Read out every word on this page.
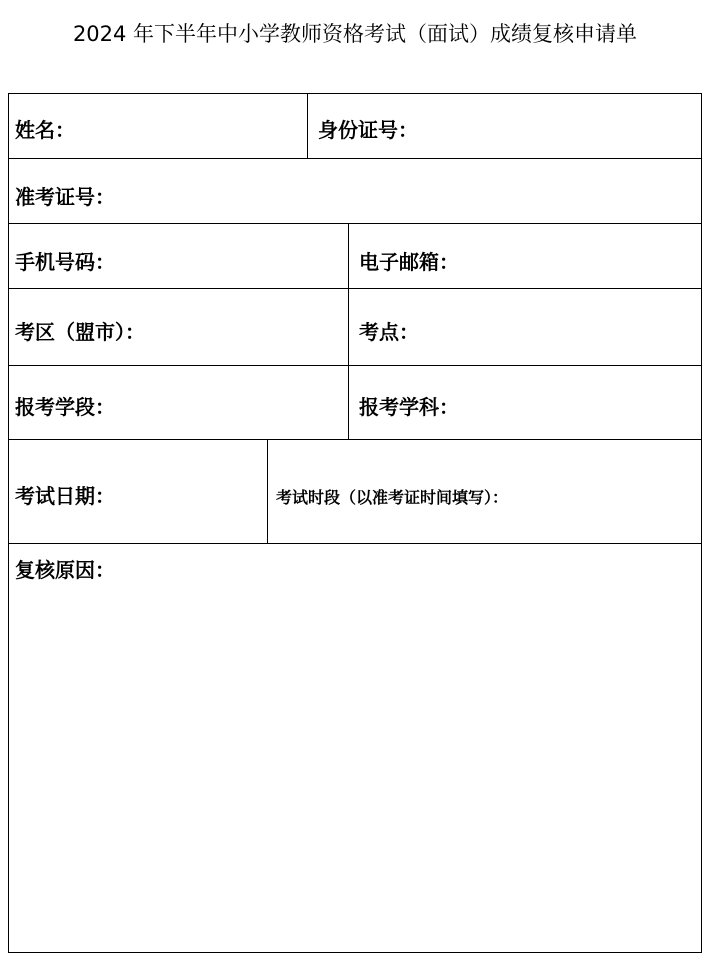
2024 年下半年中小学教师资格考试（面试）成绩复核申请单
姓名：	身份证号：
准考证号：
手机号码：	电子邮箱：
考区（盟市）：	考点：
报考学段：	报考学科：
考试日期：	考试时段（以准考证时间填写）：
复核原因：
